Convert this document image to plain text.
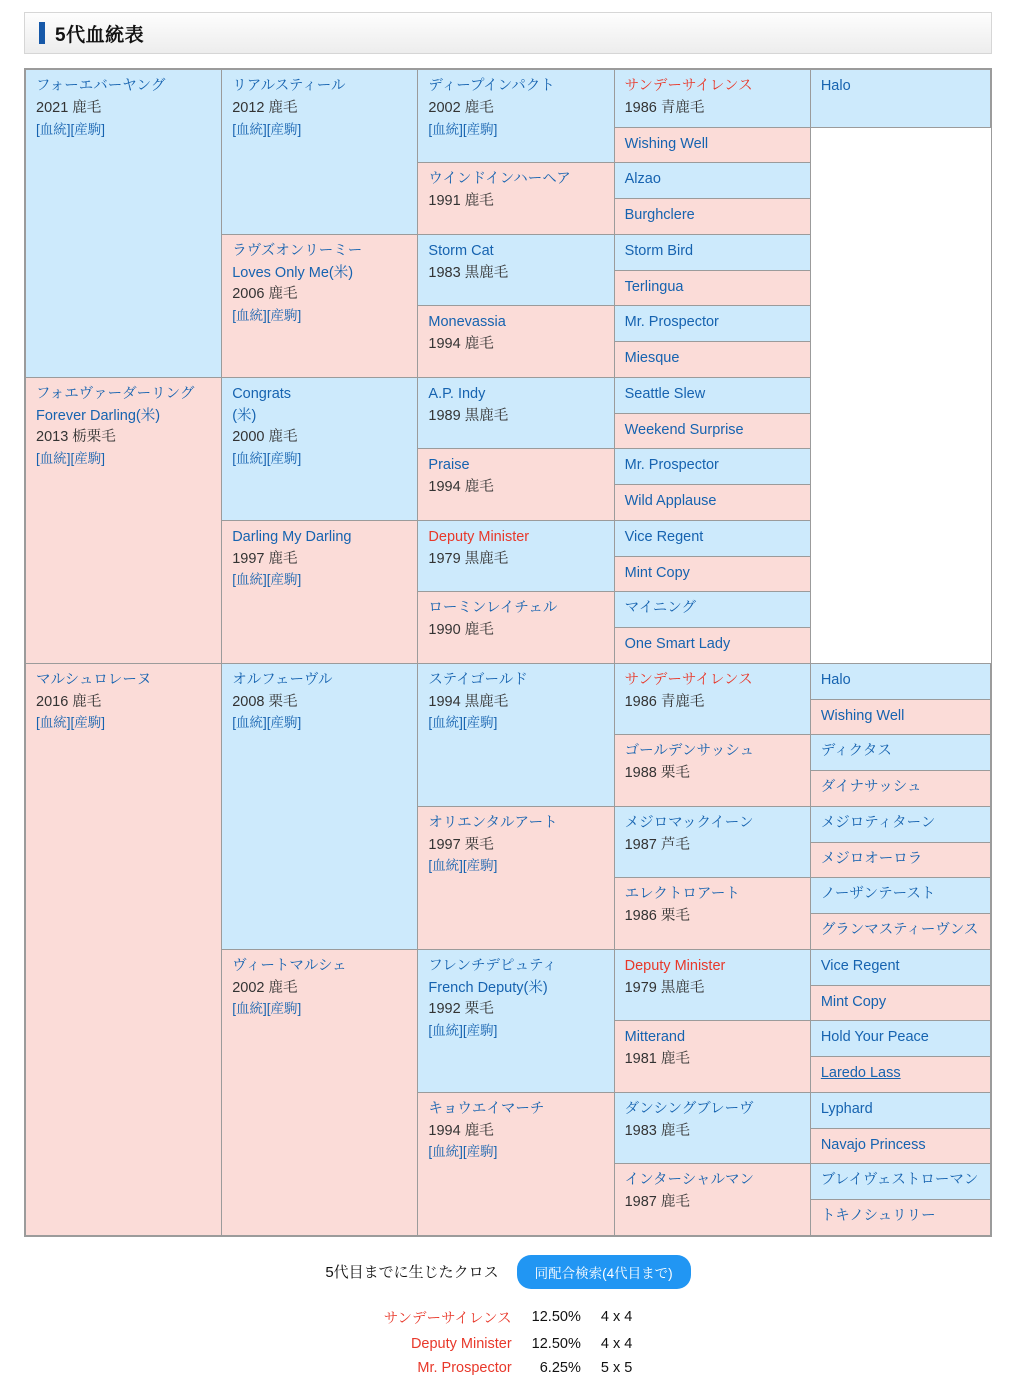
5代血統表
フォーエバーヤング
2021 鹿毛
[血統][産駒]	リアルスティール
2012 鹿毛
[血統][産駒]	ディープインパクト
2002 鹿毛
[血統][産駒]	サンデーサイレンス
1986 青鹿毛	Halo
			Wishing Well	

		ウインドインハーヘア
1991 鹿毛	Alzao	
			Burghclere	

	ラヴズオンリーミー
Loves Only Me(米)
2006 鹿毛
[血統][産駒]	Storm Cat
1983 黒鹿毛	Storm Bird	
			Terlingua	

		Monevassia
1994 鹿毛	Mr. Prospector	
			Miesque	

フォエヴァーダーリング
Forever Darling(米)
2013 栃栗毛
[血統][産駒]	Congrats
(米)
2000 鹿毛
[血統][産駒]	A.P. Indy
1989 黒鹿毛	Seattle Slew	
			Weekend Surprise	

		Praise
1994 鹿毛	Mr. Prospector	
			Wild Applause	

	Darling My Darling
1997 鹿毛
[血統][産駒]	Deputy Minister
1979 黒鹿毛	Vice Regent	
			Mint Copy	

		ローミンレイチェル
1990 鹿毛	マイニング	
			One Smart Lady	

マルシュロレーヌ
2016 鹿毛
[血統][産駒]	オルフェーヴル
2008 栗毛
[血統][産駒]	ステイゴールド
1994 黒鹿毛
[血統][産駒]	サンデーサイレンス
1986 青鹿毛	Halo
				Wishing Well

			ゴールデンサッシュ
1988 栗毛	ディクタス
				ダイナサッシュ

		オリエンタルアート
1997 栗毛
[血統][産駒]	メジロマックイーン
1987 芦毛	メジロティターン
				メジロオーロラ

			エレクトロアート
1986 栗毛	ノーザンテースト
				グランマスティーヴンス

	ヴィートマルシェ
2002 鹿毛
[血統][産駒]	フレンチデピュティ
French Deputy(米)
1992 栗毛
[血統][産駒]	Deputy Minister
1979 黒鹿毛	Vice Regent
				Mint Copy

			Mitterand
1981 鹿毛	Hold Your Peace
				Laredo Lass

		キョウエイマーチ
1994 鹿毛
[血統][産駒]	ダンシングブレーヴ
1983 鹿毛	Lyphard
				Navajo Princess

			インターシャルマン
1987 鹿毛	ブレイヴェストローマン
				トキノシュリリー
5代目までに生じたクロス	同配合検索(4代目まで)
サンデーサイレンス	12.50%	4 x 4
Deputy Minister	12.50%	4 x 4
Mr. Prospector	6.25%	5 x 5
